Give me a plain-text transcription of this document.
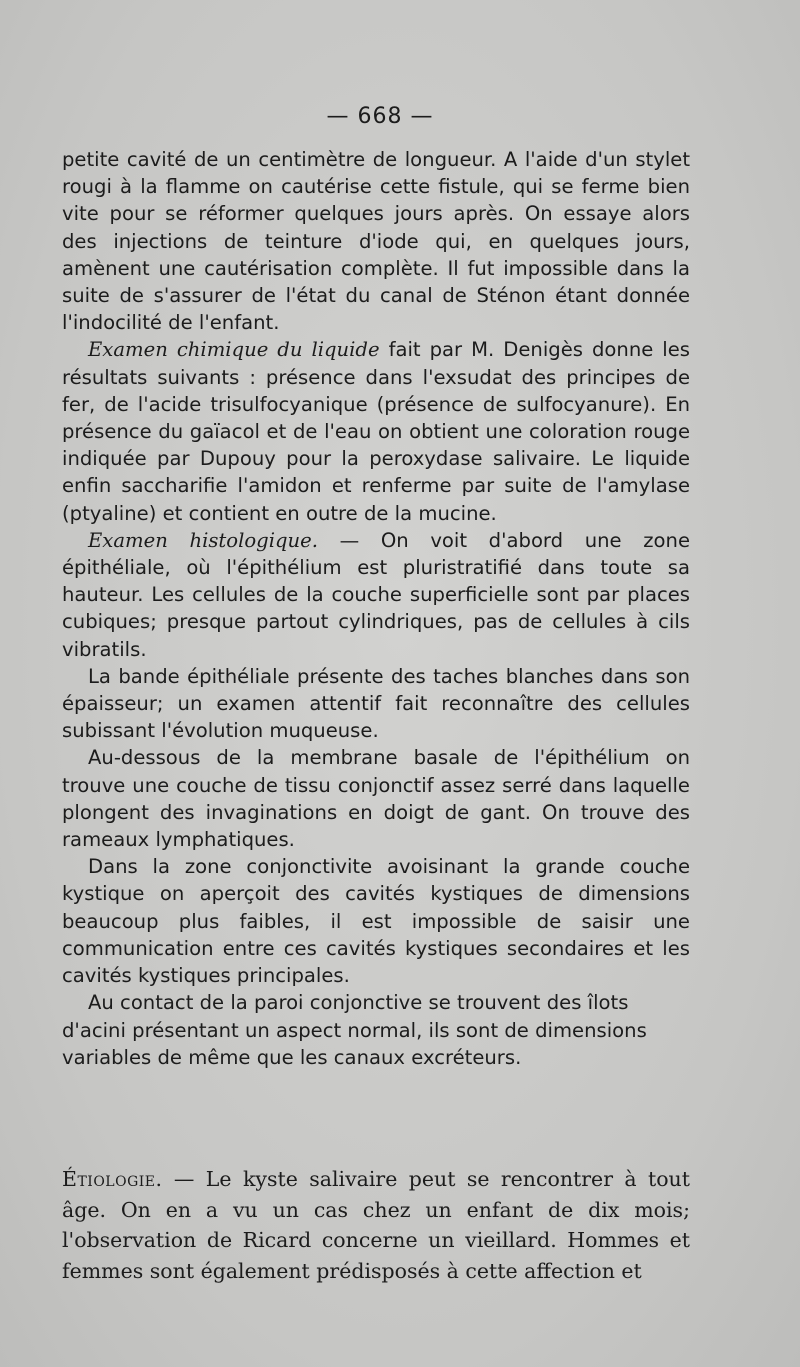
— 668 —

petite cavité de un centimètre de longueur. A l'aide d'un stylet rougi à la flamme on cautérise cette fistule, qui se ferme bien vite pour se réformer quelques jours après. On essaye alors des injections de teinture d'iode qui, en quelques jours, amènent une cautérisation complète. Il fut impossible dans la suite de s'assurer de l'état du canal de Sténon étant donnée l'indocilité de l'enfant.

Examen chimique du liquide fait par M. Denigès donne les résultats suivants : présence dans l'exsudat des principes de fer, de l'acide trisulfocyanique (présence de sulfocyanure). En présence du gaïacol et de l'eau on obtient une coloration rouge indiquée par Dupouy pour la peroxydase salivaire. Le liquide enfin saccharifie l'amidon et renferme par suite de l'amylase (ptyaline) et contient en outre de la mucine.

Examen histologique. — On voit d'abord une zone épithéliale, où l'épithélium est pluristratifié dans toute sa hauteur. Les cellules de la couche superficielle sont par places cubiques; presque partout cylindriques, pas de cellules à cils vibratils.

La bande épithéliale présente des taches blanches dans son épaisseur; un examen attentif fait reconnaître des cellules subissant l'évolution muqueuse.

Au-dessous de la membrane basale de l'épithélium on trouve une couche de tissu conjonctif assez serré dans laquelle plongent des invaginations en doigt de gant. On trouve des rameaux lymphatiques.

Dans la zone conjonctivite avoisinant la grande couche kystique on aperçoit des cavités kystiques de dimensions beaucoup plus faibles, il est impossible de saisir une communication entre ces cavités kystiques secondaires et les cavités kystiques principales.

Au contact de la paroi conjonctive se trouvent des îlots d'acini présentant un aspect normal, ils sont de dimensions variables de même que les canaux excréteurs.

Étiologie. — Le kyste salivaire peut se rencontrer à tout âge. On en a vu un cas chez un enfant de dix mois; l'observation de Ricard concerne un vieillard. Hommes et femmes sont également prédisposés à cette affection et
